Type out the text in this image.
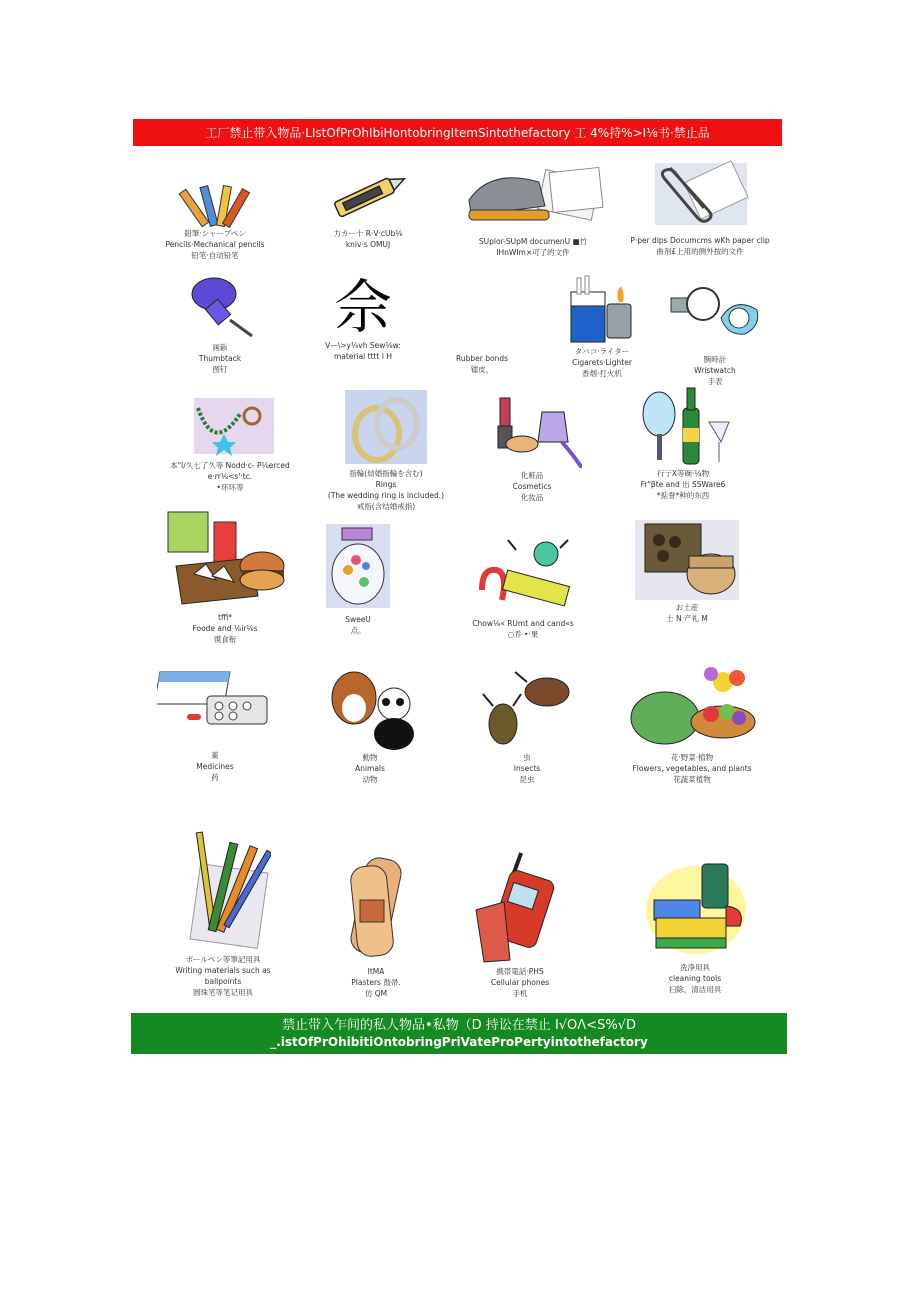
工厂禁止带入物品·LIstOfPrOhIbiHontobringItemSintothefactory 工 4%持%>I⅛书·禁止品
鉛筆·シャープペン
Pencils·Mechanical pencils
铅笔·自动铅笔
力カー十 R·V·cUb⅛
kniv·s OMUJ	SUplor-SUpM documenU ■竹
IHnWIm×可了的文件
P·per dips Documcms wKh paper clip
曲剂£上用的侧外按的文件
画鋲
Thumbtack
图钉
佘
V—\>y⅛vh Sew⅛w:
material tttt I H	Rubber bonds
镭皮，
タバコ·ライター
Cigarets·Lighter
香烟·打火机
腕時計
Wristwatch
手表
本"l∕久七了久等 Nodd·c- P⅛erced
e·rr⅛<s'·tc.
•环环等
指輪(結婚指輪を含む)
Rings
(The wedding ring is included.)
戒指(含结婚戒指)
化粧品
Cosmetics
化妆品
行亍X等碗·¼物
Fr"βte and 出 SSWare6
*掂誉*种的东西
tffi*
Foode and ⅛ir⅛s
馍食衔
SweeU
点。
Chow⅛« RUmt and cand«s
○乔·•·果
お土産
士 N 产礼 M
薬
Medicines
药
動物
Animals
动物
虫
Insects
昆虫
花·野菜·植物
Flowers, vegetables, and plants
花蔬菜植物
ボールペン等筆記用具
Writing materials such as
ballpoints
圆珠笔等笔记用具
ItMA
Plasters 鼓帚.
仿 QM
携帯電話·PHS
Cellular phones
手机
洗浄用具
cleaning tools
扫除，清洁用具
禁止带入乍间的私人物品•私物（D 持讼在禁止 I√OΛ<S%√D
_.istOfPrOhibitiOntobringPriVateProPertyintothefactory
